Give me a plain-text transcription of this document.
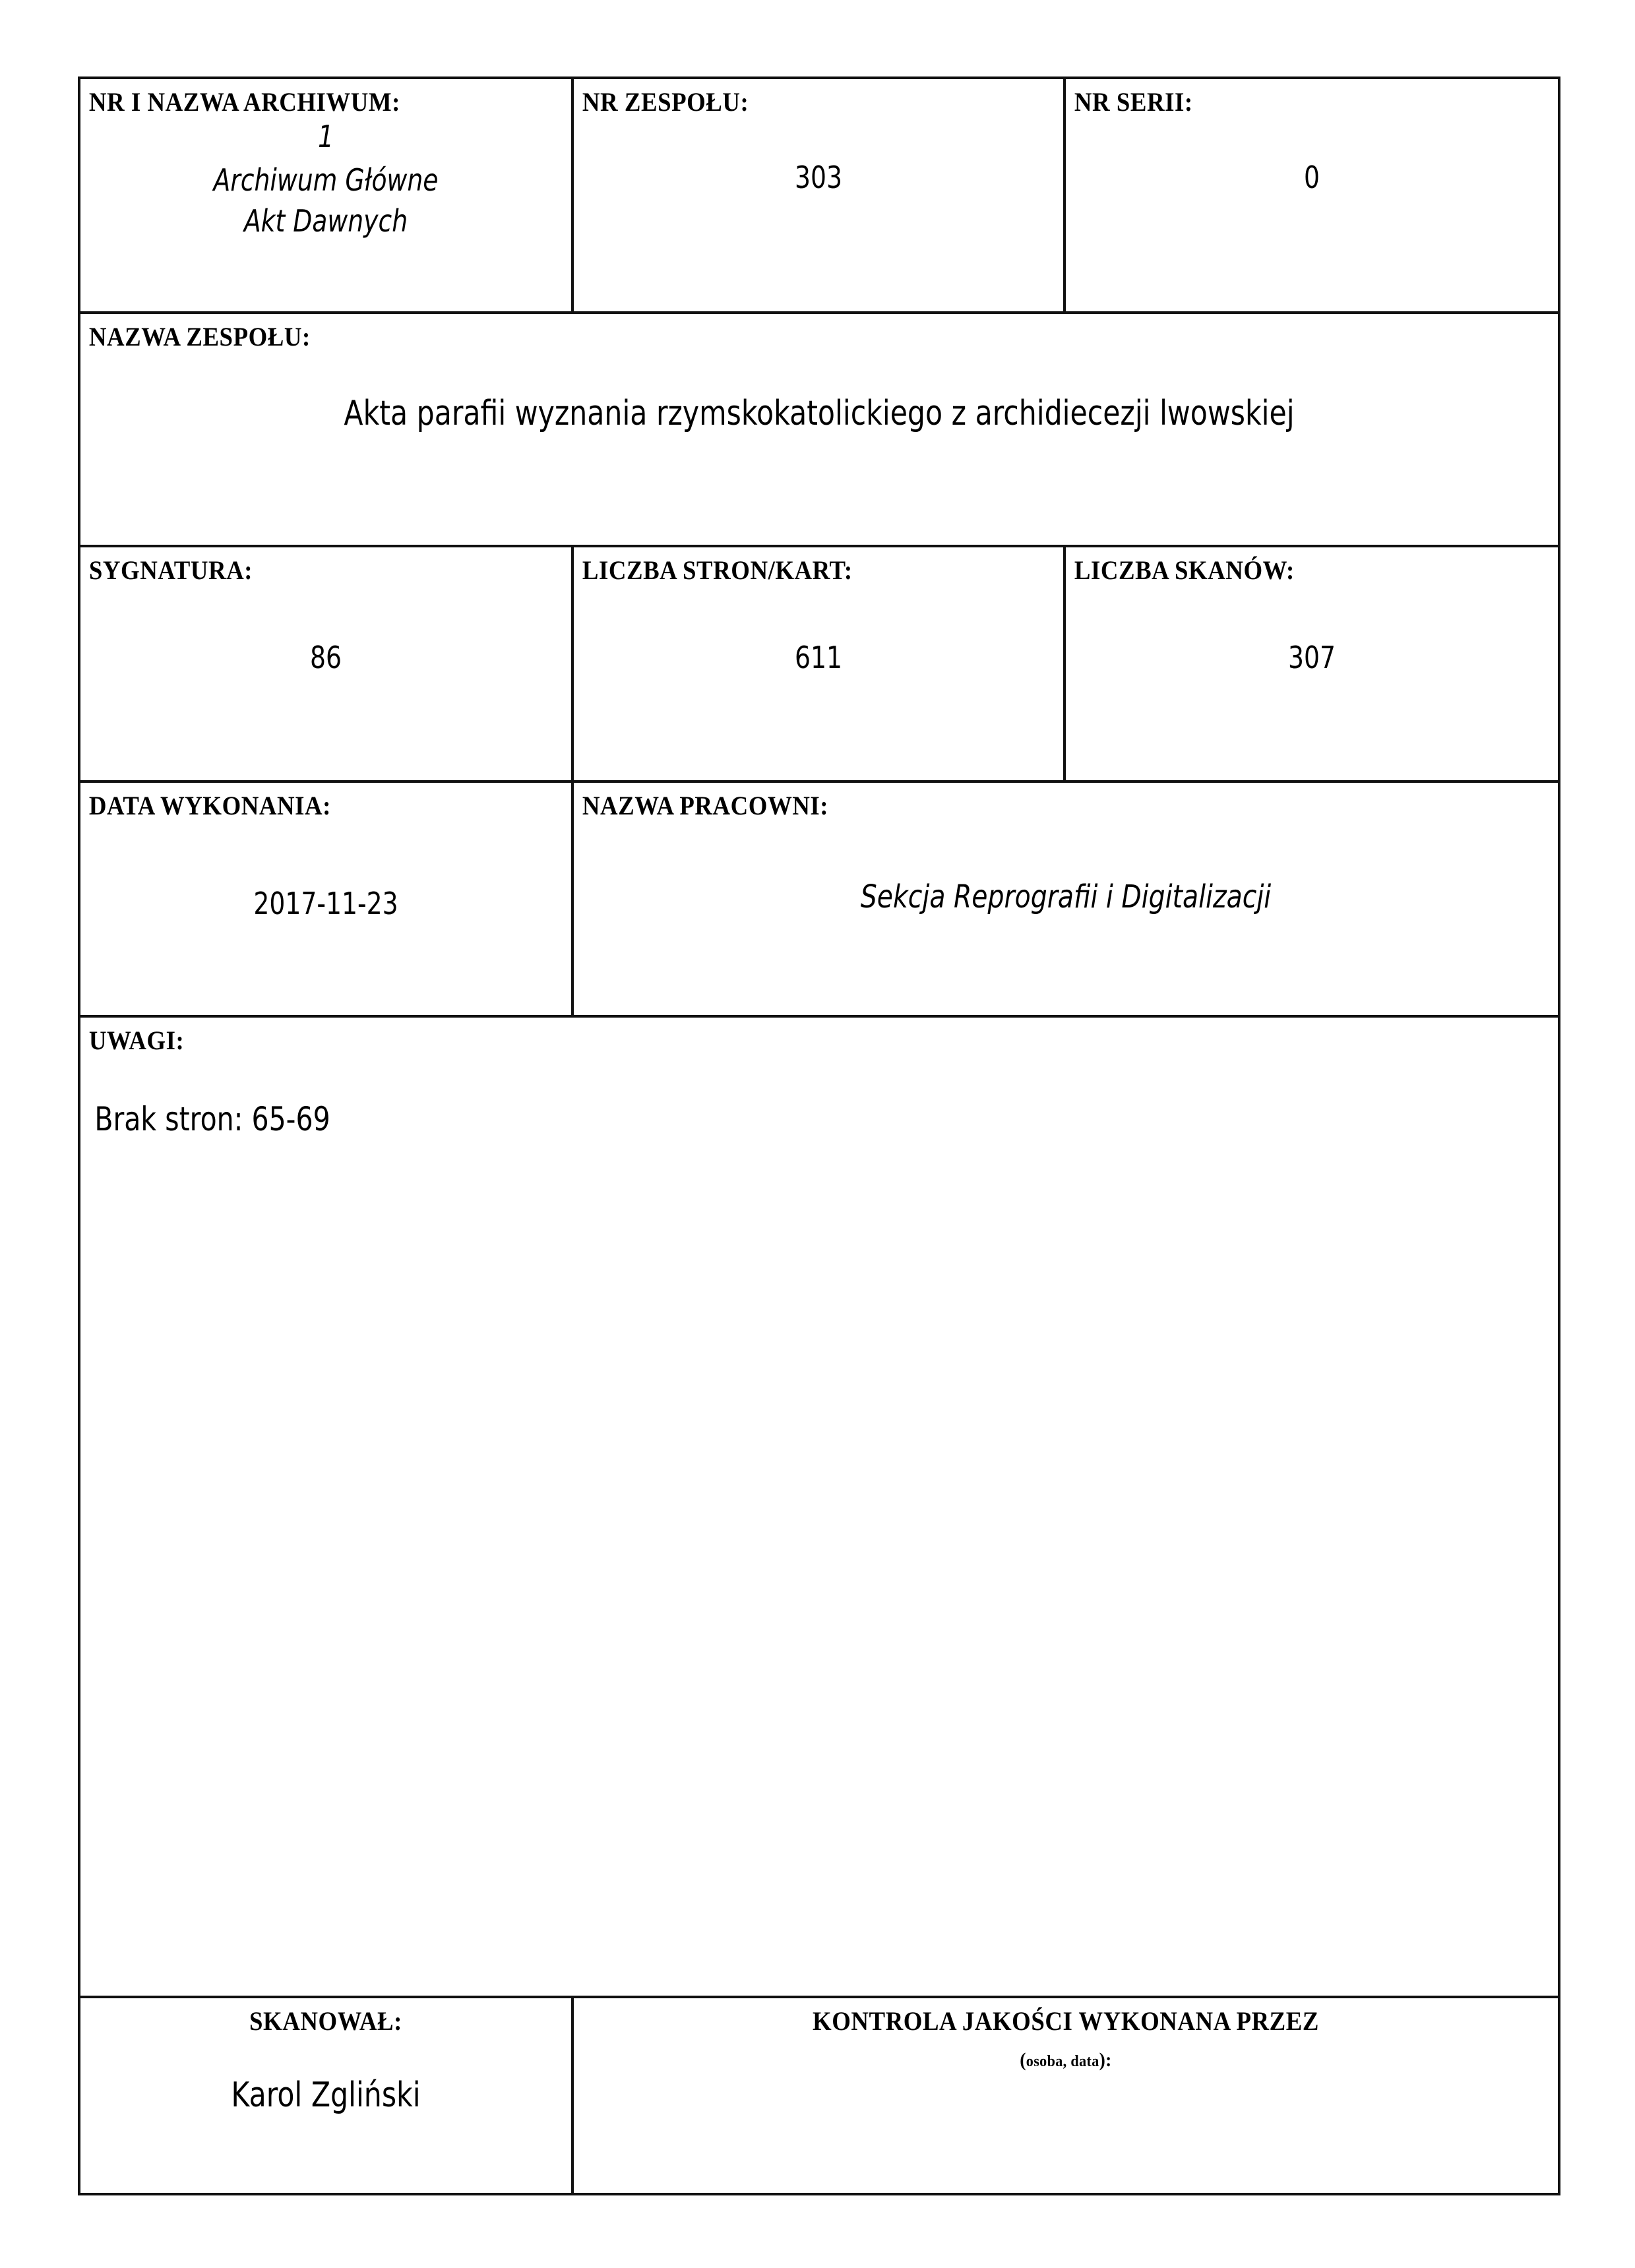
NR I NAZWA ARCHIWUM:
1
Archiwum Główne
Akt Dawnych	NR ZESPOŁU:
303	NR SERII:
0

NAZWA ZESPOŁU:
Akta parafii wyznania rzymskokatolickiego z archidiecezji lwowskiej		

SYGNATURA:
86	LICZBA STRON/KART:
611	LICZBA SKANÓW:
307

DATA WYKONANIA:
2017-11-23	NAZWA PRACOWNI:
Sekcja Reprografii i Digitalizacji	

UWAGI:
Brak stron: 65-69		

SKANOWAŁ:
Karol Zgliński	KONTROLA JAKOŚCI WYKONANA PRZEZ
(osoba, data):	
